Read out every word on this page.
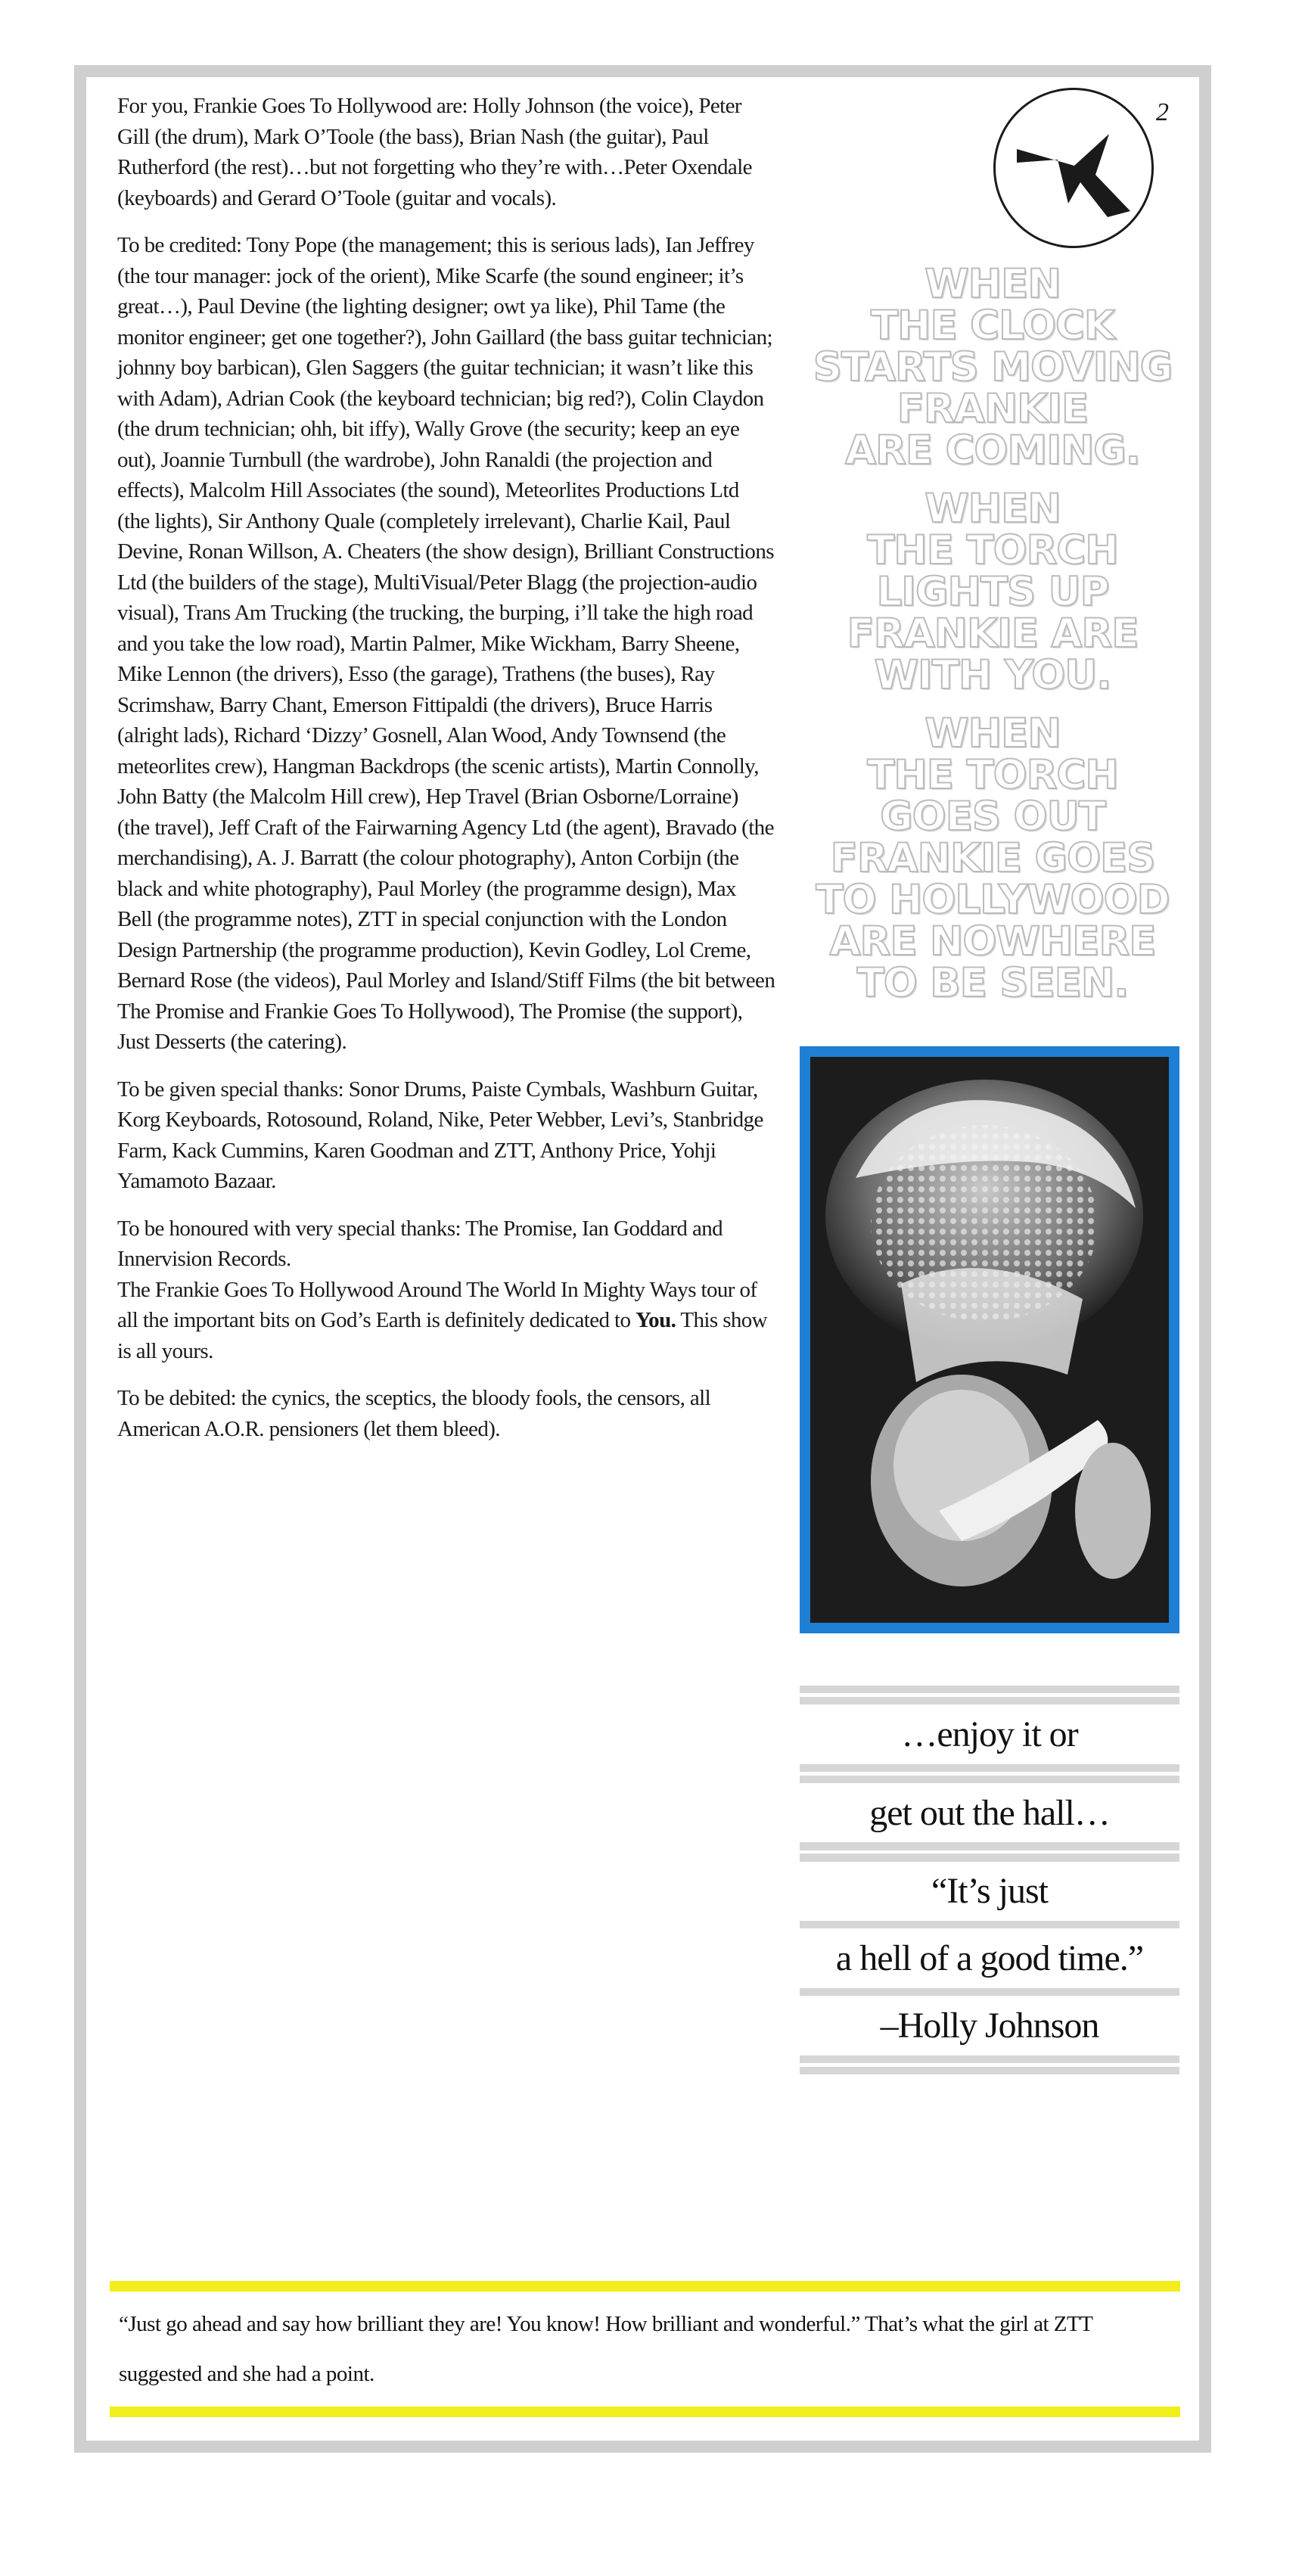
For you, Frankie Goes To Hollywood are: Holly Johnson (the voice), Peter Gill (the drum), Mark O’Toole (the bass), Brian Nash (the guitar), Paul Rutherford (the rest)…but not forgetting who they’re with…Peter Oxendale (keyboards) and Gerard O’Toole (guitar and vocals).

To be credited: Tony Pope (the management; this is serious lads), Ian Jeffrey (the tour manager: jock of the orient), Mike Scarfe (the sound engineer; it’s great…), Paul Devine (the lighting designer; owt ya like), Phil Tame (the monitor engineer; get one together?), John Gaillard (the bass guitar technician; johnny boy barbican), Glen Saggers (the guitar technician; it wasn’t like this with Adam), Adrian Cook (the keyboard technician; big red?), Colin Claydon (the drum technician; ohh, bit iffy), Wally Grove (the security; keep an eye out), Joannie Turnbull (the wardrobe), John Ranaldi (the projection and effects), Malcolm Hill Associates (the sound), Meteorlites Productions Ltd (the lights), Sir Anthony Quale (completely irrelevant), Charlie Kail, Paul Devine, Ronan Willson, A. Cheaters (the show design), Brilliant Constructions Ltd (the builders of the stage), MultiVisual/Peter Blagg (the projection-audio visual), Trans Am Trucking (the trucking, the burping, i’ll take the high road and you take the low road), Martin Palmer, Mike Wickham, Barry Sheene, Mike Lennon (the drivers), Esso (the garage), Trathens (the buses), Ray Scrimshaw, Barry Chant, Emerson Fittipaldi (the drivers), Bruce Harris (alright lads), Richard ‘Dizzy’ Gosnell, Alan Wood, Andy Townsend (the meteorlites crew), Hangman Backdrops (the scenic artists), Martin Connolly, John Batty (the Malcolm Hill crew), Hep Travel (Brian Osborne/Lorraine) (the travel), Jeff Craft of the Fairwarning Agency Ltd (the agent), Bravado (the merchandising), A. J. Barratt (the colour photography), Anton Corbijn (the black and white photography), Paul Morley (the programme design), Max Bell (the programme notes), ZTT in special conjunction with the London Design Partnership (the programme production), Kevin Godley, Lol Creme, Bernard Rose (the videos), Paul Morley and Island/Stiff Films (the bit between The Promise and Frankie Goes To Hollywood), The Promise (the support), Just Desserts (the catering).

To be given special thanks: Sonor Drums, Paiste Cymbals, Washburn Guitar, Korg Keyboards, Rotosound, Roland, Nike, Peter Webber, Levi’s, Stanbridge Farm, Kack Cummins, Karen Goodman and ZTT, Anthony Price, Yohji Yamamoto Bazaar.

To be honoured with very special thanks: The Promise, Ian Goddard and Innervision Records.

The Frankie Goes To Hollywood Around The World In Mighty Ways tour of all the important bits on God’s Earth is definitely dedicated to You. This show is all yours.

To be debited: the cynics, the sceptics, the bloody fools, the censors, all American A.O.R. pensioners (let them bleed).

2
WHEN
THE CLOCK
STARTS MOVING
FRANKIE
ARE COMING.
WHEN
THE TORCH
LIGHTS UP
FRANKIE ARE
WITH YOU.
WHEN
THE TORCH
GOES OUT
FRANKIE GOES
TO HOLLYWOOD
ARE NOWHERE
TO BE SEEN.
…enjoy it or
get out the hall…
“It’s just
a hell of a good time.”
–Holly Johnson
“Just go ahead and say how brilliant they are! You know! How brilliant and wonderful.” That’s what the girl at ZTT suggested and she had a point.
